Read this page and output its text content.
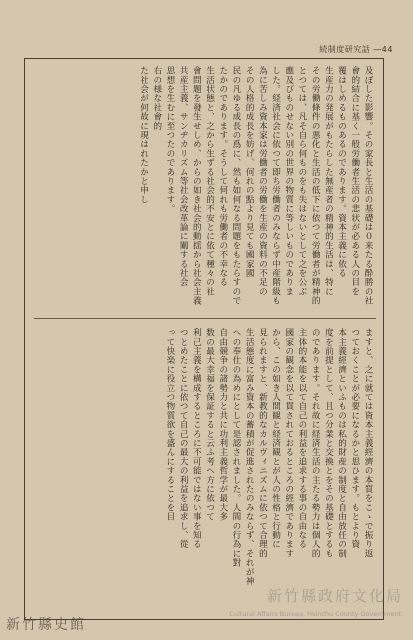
続制度研究話 ―44
及ぼした影響。その家長と生活の基礎は０来たる酔勝の社
會的結合に基く一般労働者生活の悲状が必ある人の目を
覆はしめるものあるのであります。資本主義に依る
生産力の発展がもたらした無産者の精神的生活は、特に
その労働條件の悪化と生活の低下に依つて労働者が精神的
とつては、凡そ自ら何ものをも失はないとして之を公ぶ
應及びものせない別の世界の物質に等しいものでありま
した。経済社会に依つて即ち労働者のみならず中産階級も
為に苦しみ資本家は労働者の労働を生産の資料の不足の
その人格的成長を妨げ、何れの點より見ても國家國
民の凡ゆる成長の爲に、然も如何なる問題をもたらすので
たかのであります。そうして何れも労働者の不幸なる
生活状態と、之から生ずる社会的不安とに依て種々の社
會問題を發生せしめ、からの如き社会的動揺から社会主義
共産主義、サンヂカリズム等社会改革論に關する社会
思想を生むに至つたのであります。
右の様な社會的
た社会が何故に現はれたかと申し
ますと、之に就ては資本主義經濟の本質をこゝで振り返
つておくことが必要になるかと思ひます。もとより資
本主義經濟といふものは私的財産の制度と自由放任の制
度を前提として、且つ分業と交換とをその基礎とするも
のであります。それ故に経済生活の主たる勢力は個人的
主体的本能を以て自己の利益を追求する事の自由なる
國家の観念を以て貫されておるところの經濟であります
から、この如き人間観と経済観とが人の性格と行動に
見られますと、新教的なカルヴィニズムに依つて合理的
生活態度に富み資本の蓄積が促進されたのみならず、それが神
への奉仕の為めにとして是認されました。人間の行為に對
自由競争の諸勢力と共に功利主義哲学が最大多
数の最大幸福を保証すると云ふ考へ方に依つて
利己主義を構成するところに不可能ではない事を知る
つとめたことに依つて自己の最大の利益を追求し、從
って快楽に役立つ物質欲を盛んにすることを目
新竹縣政府文化局
Cultural Affairs Bureau, Hsinchu County Government
新竹縣史館
